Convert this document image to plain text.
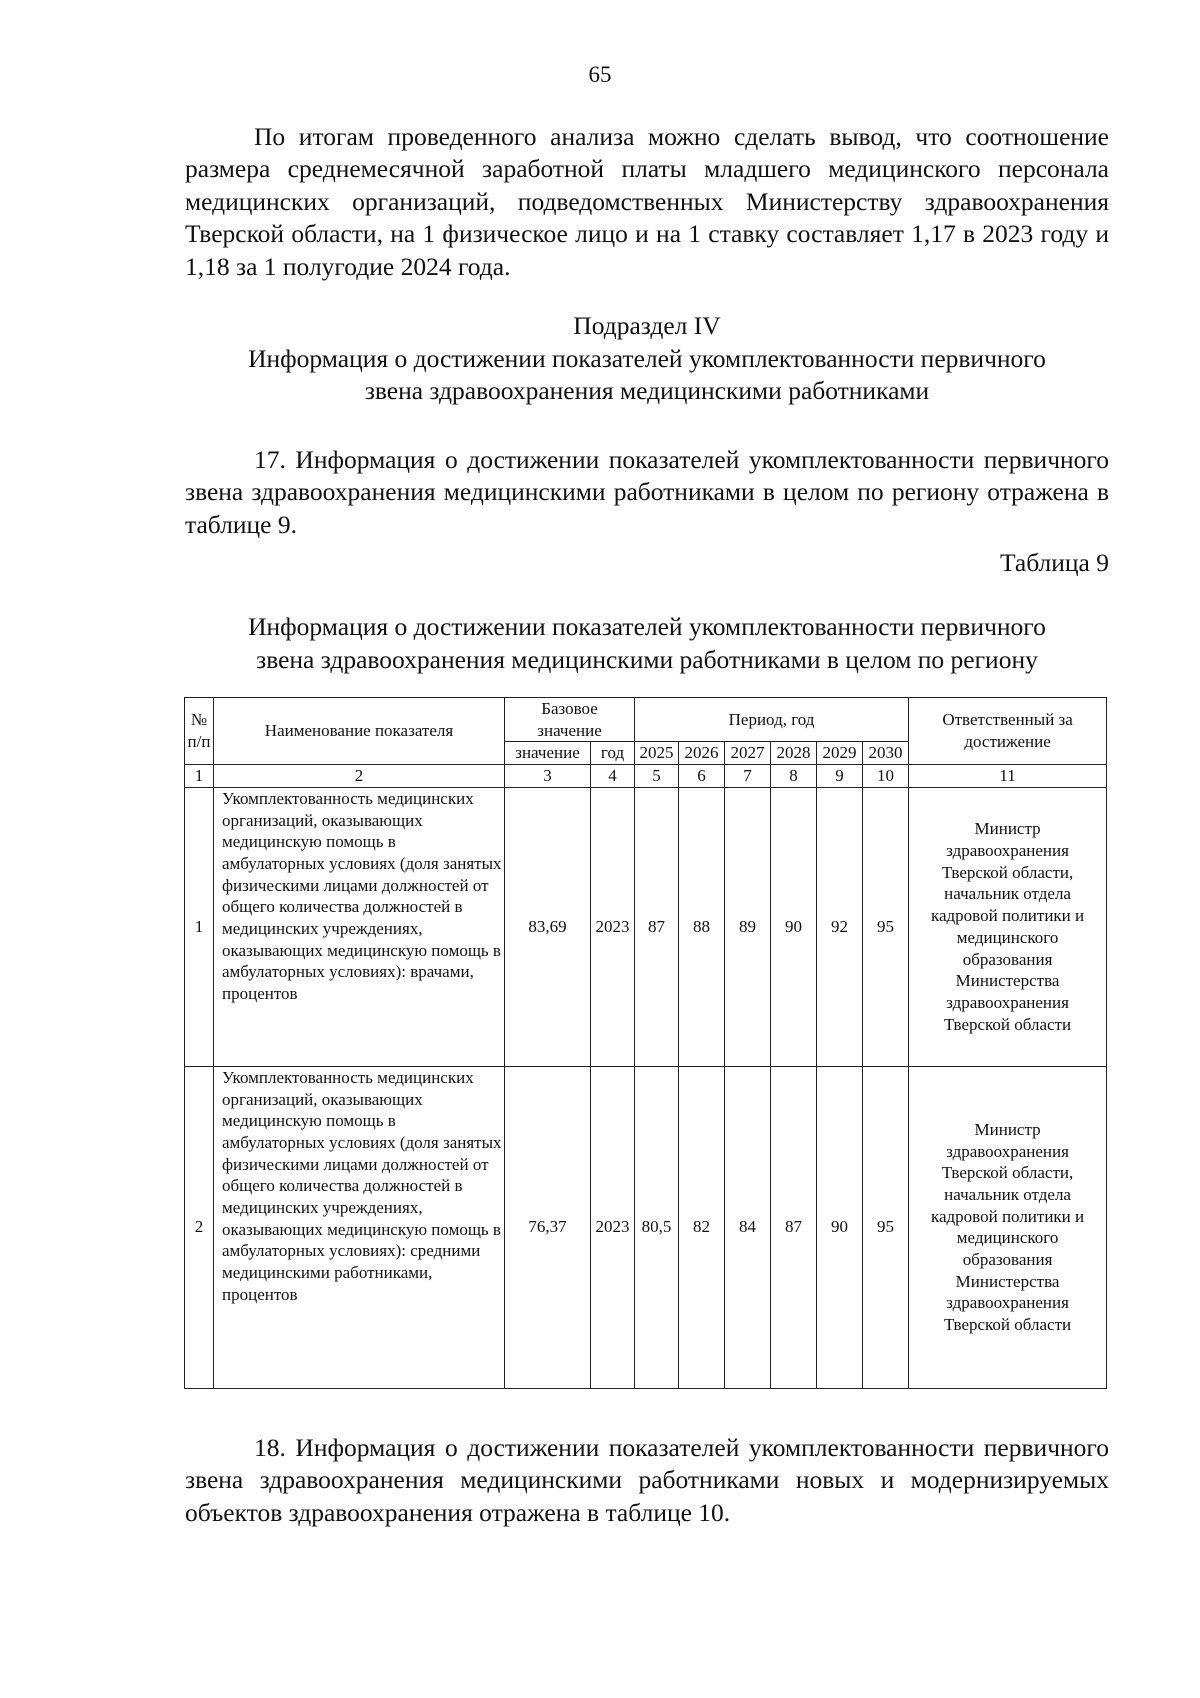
65

По итогам проведенного анализа можно сделать вывод, что соотношение размера среднемесячной заработной платы младшего медицинского персонала медицинских организаций, подведомственных Министерству здравоохранения Тверской области, на 1 физическое лицо и на 1 ставку составляет 1,17 в 2023 году и 1,18 за 1 полугодие 2024 года.

Подраздел IV
Информация о достижении показателей укомплектованности первичного
звена здравоохранения медицинскими работниками

17. Информация о достижении показателей укомплектованности первичного звена здравоохранения медицинскими работниками в целом по региону отражена в таблице 9.

Таблица 9

Информация о достижении показателей укомплектованности первичного
звена здравоохранения медицинскими работниками в целом по региону

№ п/п	Наименование показателя	Базовое значение		Период, год						Ответственный за достижение
		значение	год	2025	2026	2027	2028	2029	2030	
1	2	3	4	5	6	7	8	9	10	11
1	Укомплектованность медицинских организаций, оказывающих медицинскую помощь в амбулаторных условиях (доля занятых физическими лицами должностей от общего количества должностей в медицинских учреждениях, оказывающих медицинскую помощь в амбулаторных условиях): врачами, процентов	83,69	2023	87	88	89	90	92	95	Министр здравоохранения Тверской области, начальник отдела кадровой политики и медицинского образования Министерства здравоохранения Тверской области
2	Укомплектованность медицинских организаций, оказывающих медицинскую помощь в амбулаторных условиях (доля занятых физическими лицами должностей от общего количества должностей в медицинских учреждениях, оказывающих медицинскую помощь в амбулаторных условиях): средними медицинскими работниками, процентов	76,37	2023	80,5	82	84	87	90	95	Министр здравоохранения Тверской области, начальник отдела кадровой политики и медицинского образования Министерства здравоохранения Тверской области

18. Информация о достижении показателей укомплектованности первичного звена здравоохранения медицинскими работниками новых и модернизируемых объектов здравоохранения отражена в таблице 10.
